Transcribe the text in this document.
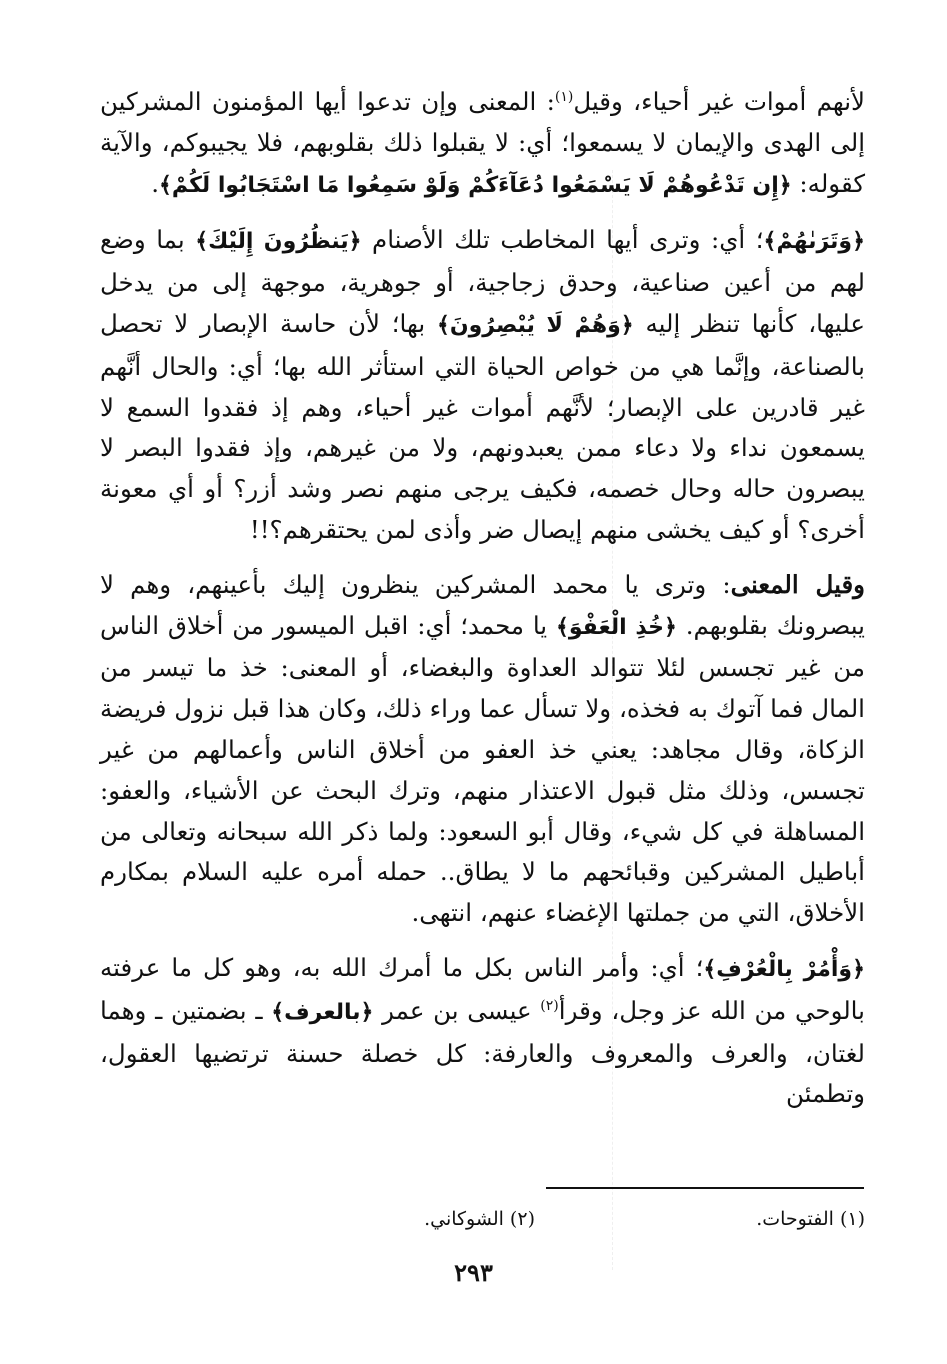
لأنهم أموات غير أحياء، وقيل$^{(١)}$: المعنى وإن تدعوا أيها المؤمنون المشركين إلى الهدى والإيمان لا يسمعوا؛ أي: لا يقبلوا ذلك بقلوبهم، فلا يجيبوكم، والآية كقوله: ﴿إِن تَدْعُوهُمْ لَا يَسْمَعُوا دُعَآءَكُمْ وَلَوْ سَمِعُوا مَا اسْتَجَابُوا لَكُمْ﴾.

﴿وَتَرَىٰهُمْ﴾؛ أي: وترى أيها المخاطب تلك الأصنام ﴿يَنظُرُونَ إِلَيْكَ﴾ بما وضع لهم من أعين صناعية، وحدق زجاجية، أو جوهرية، موجهة إلى من يدخل عليها، كأنها تنظر إليه ﴿وَهُمْ لَا يُبْصِرُونَ﴾ بها؛ لأن حاسة الإبصار لا تحصل بالصناعة، وإنَّما هي من خواص الحياة التي استأثر الله بها؛ أي: والحال أنَّهم غير قادرين على الإبصار؛ لأنَّهم أموات غير أحياء، وهم إذ فقدوا السمع لا يسمعون نداء ولا دعاء ممن يعبدونهم، ولا من غيرهم، وإذ فقدوا البصر لا يبصرون حاله وحال خصمه، فكيف يرجى منهم نصر وشد أزر؟ أو أي معونة أخرى؟ أو كيف يخشى منهم إيصال ضر وأذى لمن يحتقرهم؟!!

وقيل المعنى: وترى يا محمد المشركين ينظرون إليك بأعينهم، وهم لا يبصرونك بقلوبهم. ﴿خُذِ الْعَفْوَ﴾ يا محمد؛ أي: اقبل الميسور من أخلاق الناس من غير تجسس لئلا تتوالد العداوة والبغضاء، أو المعنى: خذ ما تيسر من المال فما آتوك به فخذه، ولا تسأل عما وراء ذلك، وكان هذا قبل نزول فريضة الزكاة، وقال مجاهد: يعني خذ العفو من أخلاق الناس وأعمالهم من غير تجسس، وذلك مثل قبول الاعتذار منهم، وترك البحث عن الأشياء، والعفو: المساهلة في كل شيء، وقال أبو السعود: ولما ذكر الله سبحانه وتعالى من أباطيل المشركين وقبائحهم ما لا يطاق.. حمله أمره عليه السلام بمكارم الأخلاق، التي من جملتها الإغضاء عنهم، انتهى.

﴿وَأْمُرْ بِالْعُرْفِ﴾؛ أي: وأمر الناس بكل ما أمرك الله به، وهو كل ما عرفته بالوحي من الله عز وجل، وقرأ$^{(٢)}$ عيسى بن عمر ﴿بالعرف﴾ ـ بضمتين ـ وهما لغتان، والعرف والمعروف والعارفة: كل خصلة حسنة ترتضيها العقول، وتطمئن

(١) الفتوحات.
(٢) الشوكاني.
٢٩٣
